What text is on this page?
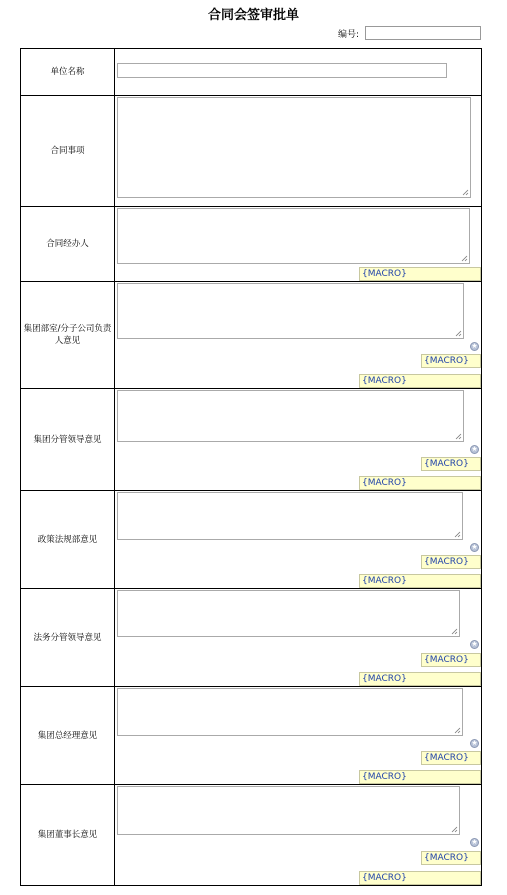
合同会签审批单
编号:
单位名称
合同事项
合同经办人
{MACRO}
集团部室/分子公司负责人意见	★
{MACRO}
{MACRO}
集团分管领导意见
★
{MACRO}
{MACRO}
政策法规部意见
★
{MACRO}
{MACRO}
法务分管领导意见
★
{MACRO}
{MACRO}
集团总经理意见
★
{MACRO}
{MACRO}
集团董事长意见
★
{MACRO}
{MACRO}
